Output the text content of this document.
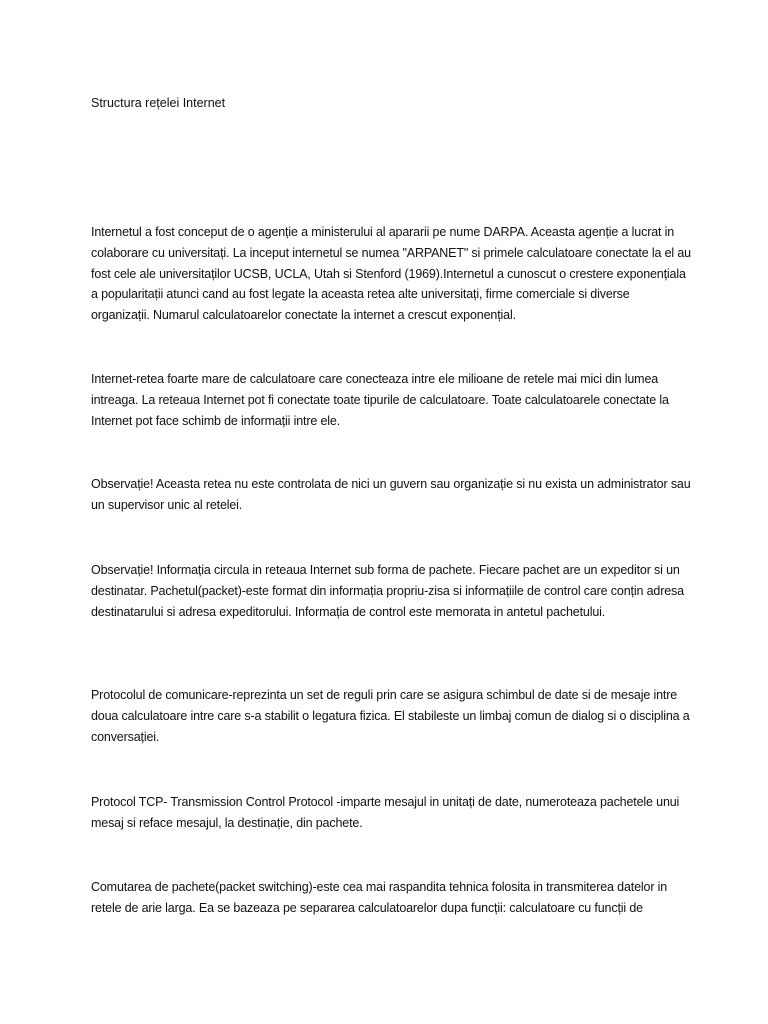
Structura rețelei Internet

Internetul a fost conceput de o agenție a ministerului al apararii pe nume DARPA. Aceasta agenție a lucrat in colaborare cu universitați. La inceput internetul se numea "ARPANET" si primele calculatoare conectate la el au fost cele ale universitaților UCSB, UCLA, Utah si Stenford (1969).Internetul a cunoscut o crestere exponențiala a popularitații atunci cand au fost legate la aceasta retea alte universitați, firme comerciale si diverse organizații. Numarul calculatoarelor conectate la internet a crescut exponențial.

Internet-retea foarte mare de calculatoare care conecteaza intre ele milioane de retele mai mici din lumea intreaga. La reteaua Internet pot fi conectate toate tipurile de calculatoare. Toate calculatoarele conectate la Internet pot face schimb de informații intre ele.

Observație! Aceasta retea nu este controlata de nici un guvern sau organizație si nu exista un administrator sau un supervisor unic al retelei.

Observație! Informația circula in reteaua Internet sub forma de pachete. Fiecare pachet are un expeditor si un destinatar. Pachetul(packet)-este format din informația propriu-zisa si informațiile de control care conțin adresa destinatarului si adresa expeditorului. Informația de control este memorata in antetul pachetului.

Protocolul de comunicare-reprezinta un set de reguli prin care se asigura schimbul de date si de mesaje intre doua calculatoare intre care s-a stabilit o legatura fizica. El stabileste un limbaj comun de dialog si o disciplina a conversației.

Protocol TCP- Transmission Control Protocol -imparte mesajul in unitați de date, numeroteaza pachetele unui mesaj si reface mesajul, la destinație, din pachete.

Comutarea de pachete(packet switching)-este cea mai raspandita tehnica folosita in transmiterea datelor in retele de arie larga. Ea se bazeaza pe separarea calculatoarelor dupa funcții: calculatoare cu funcții de
